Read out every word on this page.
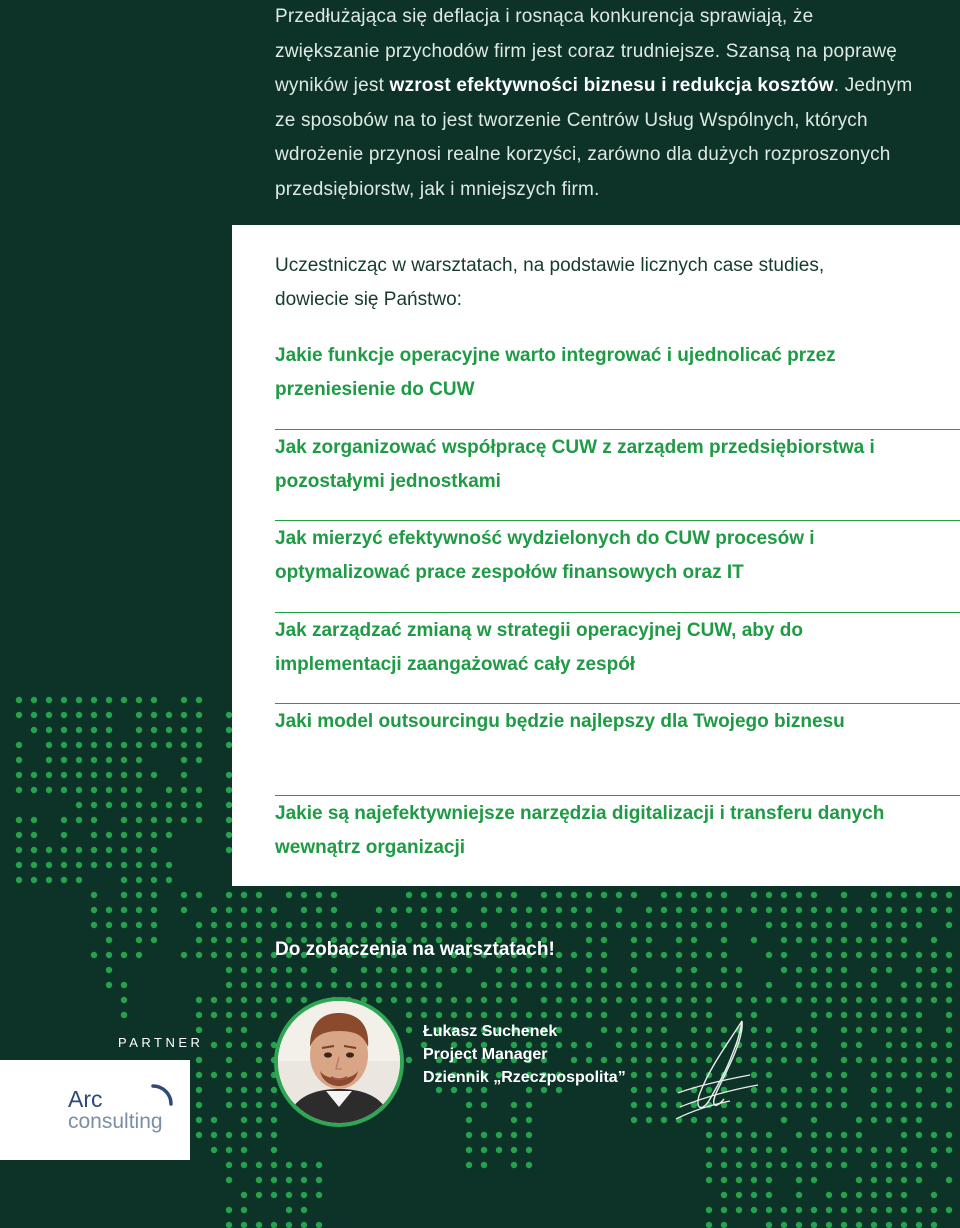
Przedłużająca się deflacja i rosnąca konkurencja sprawiają, że zwiększanie przychodów firm jest coraz trudniejsze. Szansą na poprawę wyników jest wzrost efektywności biznesu i redukcja kosztów. Jednym ze sposobów na to jest tworzenie Centrów Usług Wspólnych, których wdrożenie przynosi realne korzyści, zarówno dla dużych rozproszonych przedsiębiorstw, jak i mniejszych firm.

Uczestnicząc w warsztatach, na podstawie licznych case studies, dowiecie się Państwo:
Jakie funkcje operacyjne warto integrować i ujednolicać przez przeniesienie do CUW
Jak zorganizować współpracę CUW z zarządem przedsiębiorstwa i pozostałymi jednostkami
Jak mierzyć efektywność wydzielonych do CUW procesów i optymalizować prace zespołów finansowych oraz IT
Jak zarządzać zmianą w strategii operacyjnej CUW, aby do implementacji zaangażować cały zespół
Jaki model outsourcingu będzie najlepszy dla Twojego biznesu
Jakie są najefektywniejsze narzędzia digitalizacji i transferu danych wewnątrz organizacji
Do zobaczenia na warsztatach!
PARTNER
Arc
consulting
Łukasz Suchenek
Project Manager
Dziennik „Rzeczpospolita”
